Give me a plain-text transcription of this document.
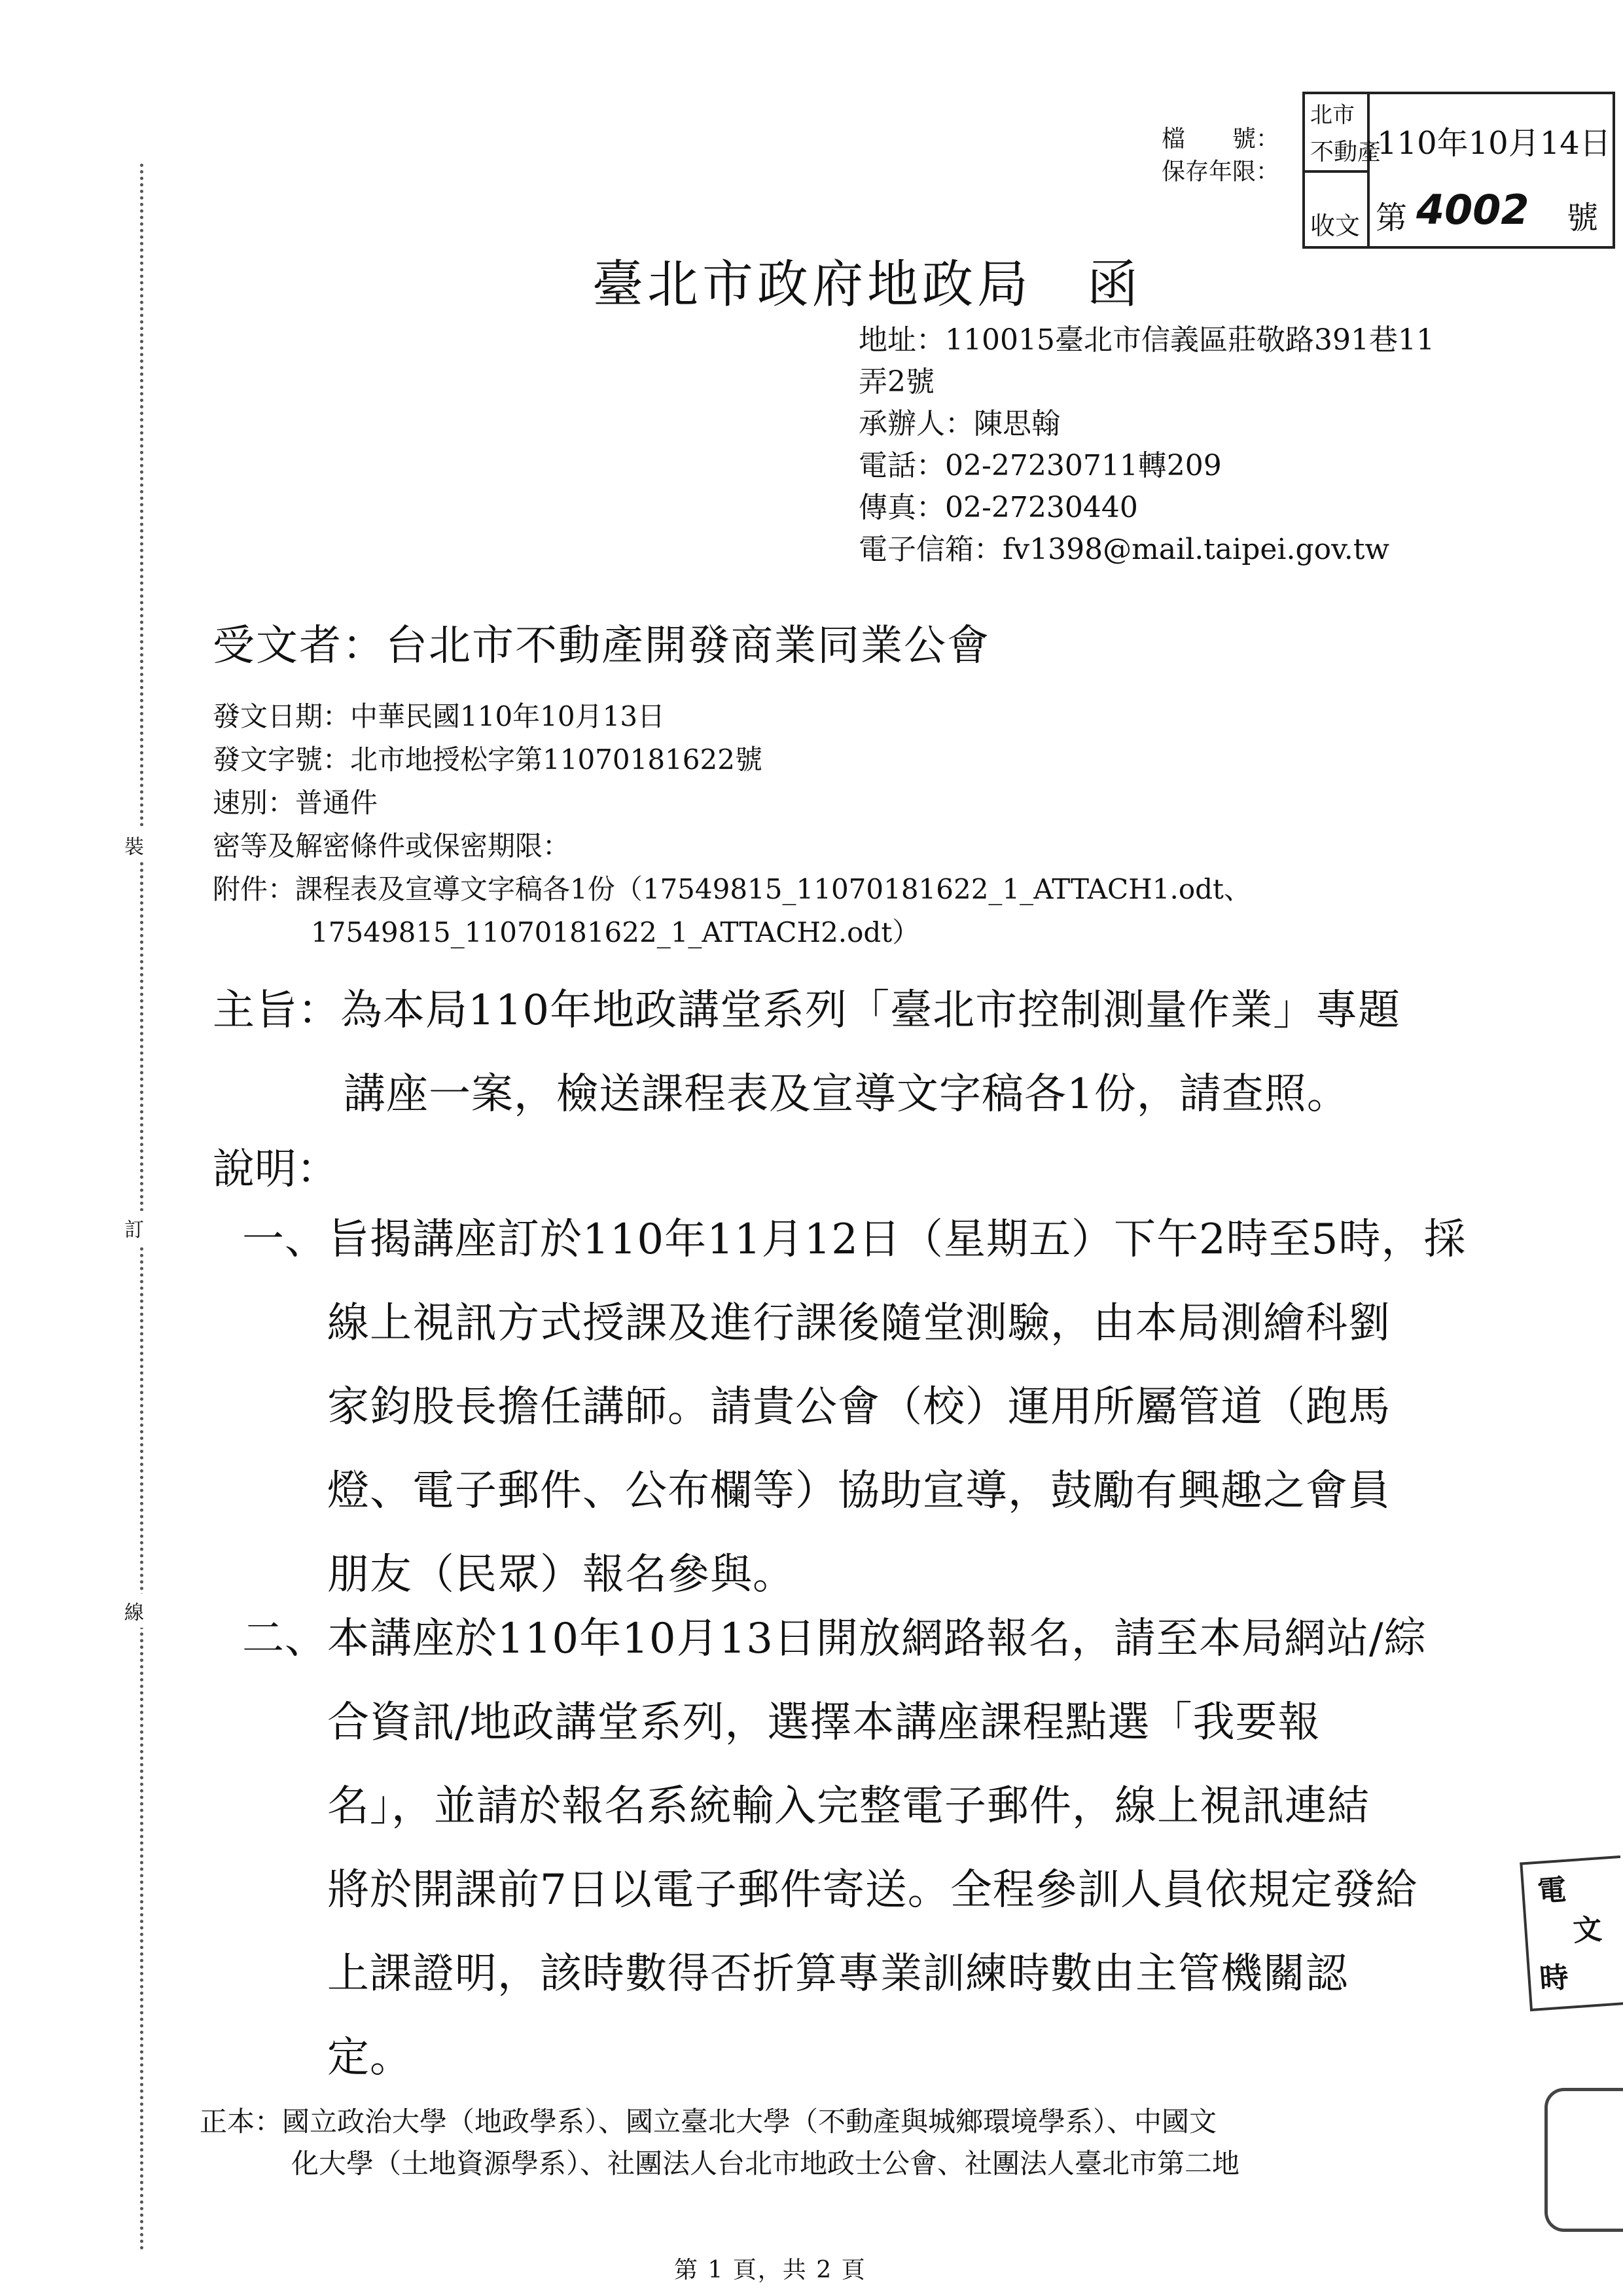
裝
訂
線
檔　　號：
保存年限：
北市
不動產
收文
110年10月14日
第 4002 號
臺北市政府地政局　函
地址：110015臺北市信義區莊敬路391巷11
弄2號
承辦人：陳思翰
電話：02-27230711轉209
傳真：02-27230440
電子信箱：fv1398@mail.taipei.gov.tw
受文者：台北市不動產開發商業同業公會
發文日期：中華民國110年10月13日
發文字號：北市地授松字第11070181622號
速別：普通件
密等及解密條件或保密期限：
附件：課程表及宣導文字稿各1份（17549815_11070181622_1_ATTACH1.odt、
17549815_11070181622_1_ATTACH2.odt）
主旨：為本局110年地政講堂系列「臺北市控制測量作業」專題
講座一案，檢送課程表及宣導文字稿各1份，請查照。
說明：
一、旨揭講座訂於110年11月12日（星期五）下午2時至5時，採
線上視訊方式授課及進行課後隨堂測驗，由本局測繪科劉
家鈞股長擔任講師。請貴公會（校）運用所屬管道（跑馬
燈、電子郵件、公布欄等）協助宣導，鼓勵有興趣之會員
朋友（民眾）報名參與。
二、本講座於110年10月13日開放網路報名，請至本局網站/綜
合資訊/地政講堂系列，選擇本講座課程點選「我要報
名」，並請於報名系統輸入完整電子郵件，線上視訊連結
將於開課前7日以電子郵件寄送。全程參訓人員依規定發給
上課證明，該時數得否折算專業訓練時數由主管機關認
定。
正本：國立政治大學（地政學系）、國立臺北大學（不動產與城鄉環境學系）、中國文
化大學（土地資源學系）、社團法人台北市地政士公會、社團法人臺北市第二地
第 1 頁，共 2 頁
電
文
時
